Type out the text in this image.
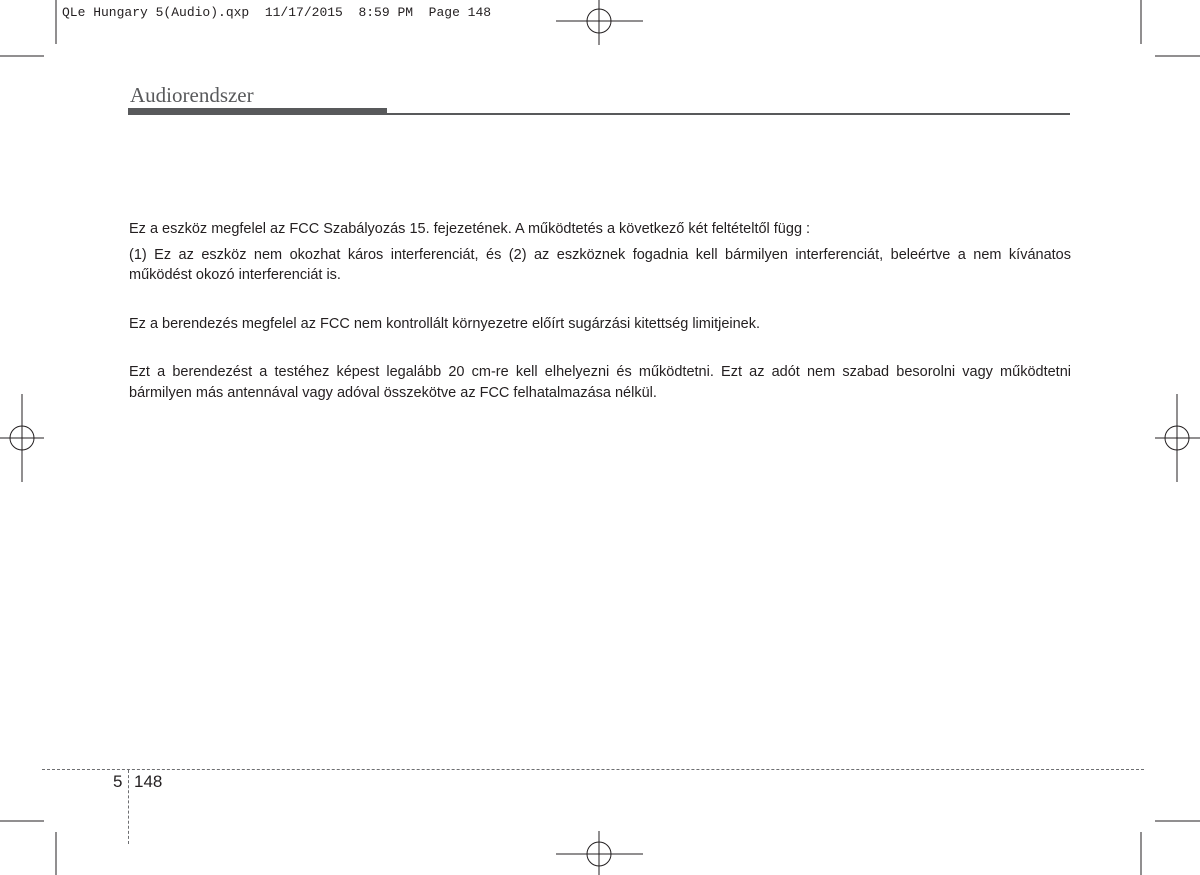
QLe Hungary 5(Audio).qxp  11/17/2015  8:59 PM  Page 148
Audiorendszer

Ez a eszköz megfelel az FCC Szabályozás 15. fejezetének. A működtetés a következő két feltételtől függ :

(1) Ez az eszköz nem okozhat káros interferenciát, és (2) az eszköznek fogadnia kell bármilyen interferenciát, beleértve a nem kívánatos működést okozó interferenciát is.

Ez a berendezés megfelel az FCC nem kontrollált környezetre előírt sugárzási kitettség limitjeinek.

Ezt a berendezést a testéhez képest legalább 20 cm-re kell elhelyezni és működtetni. Ezt az adót nem szabad besorolni vagy működtetni bármilyen más antennával vagy adóval összekötve az FCC felhatalmazása nélkül.

5 148
